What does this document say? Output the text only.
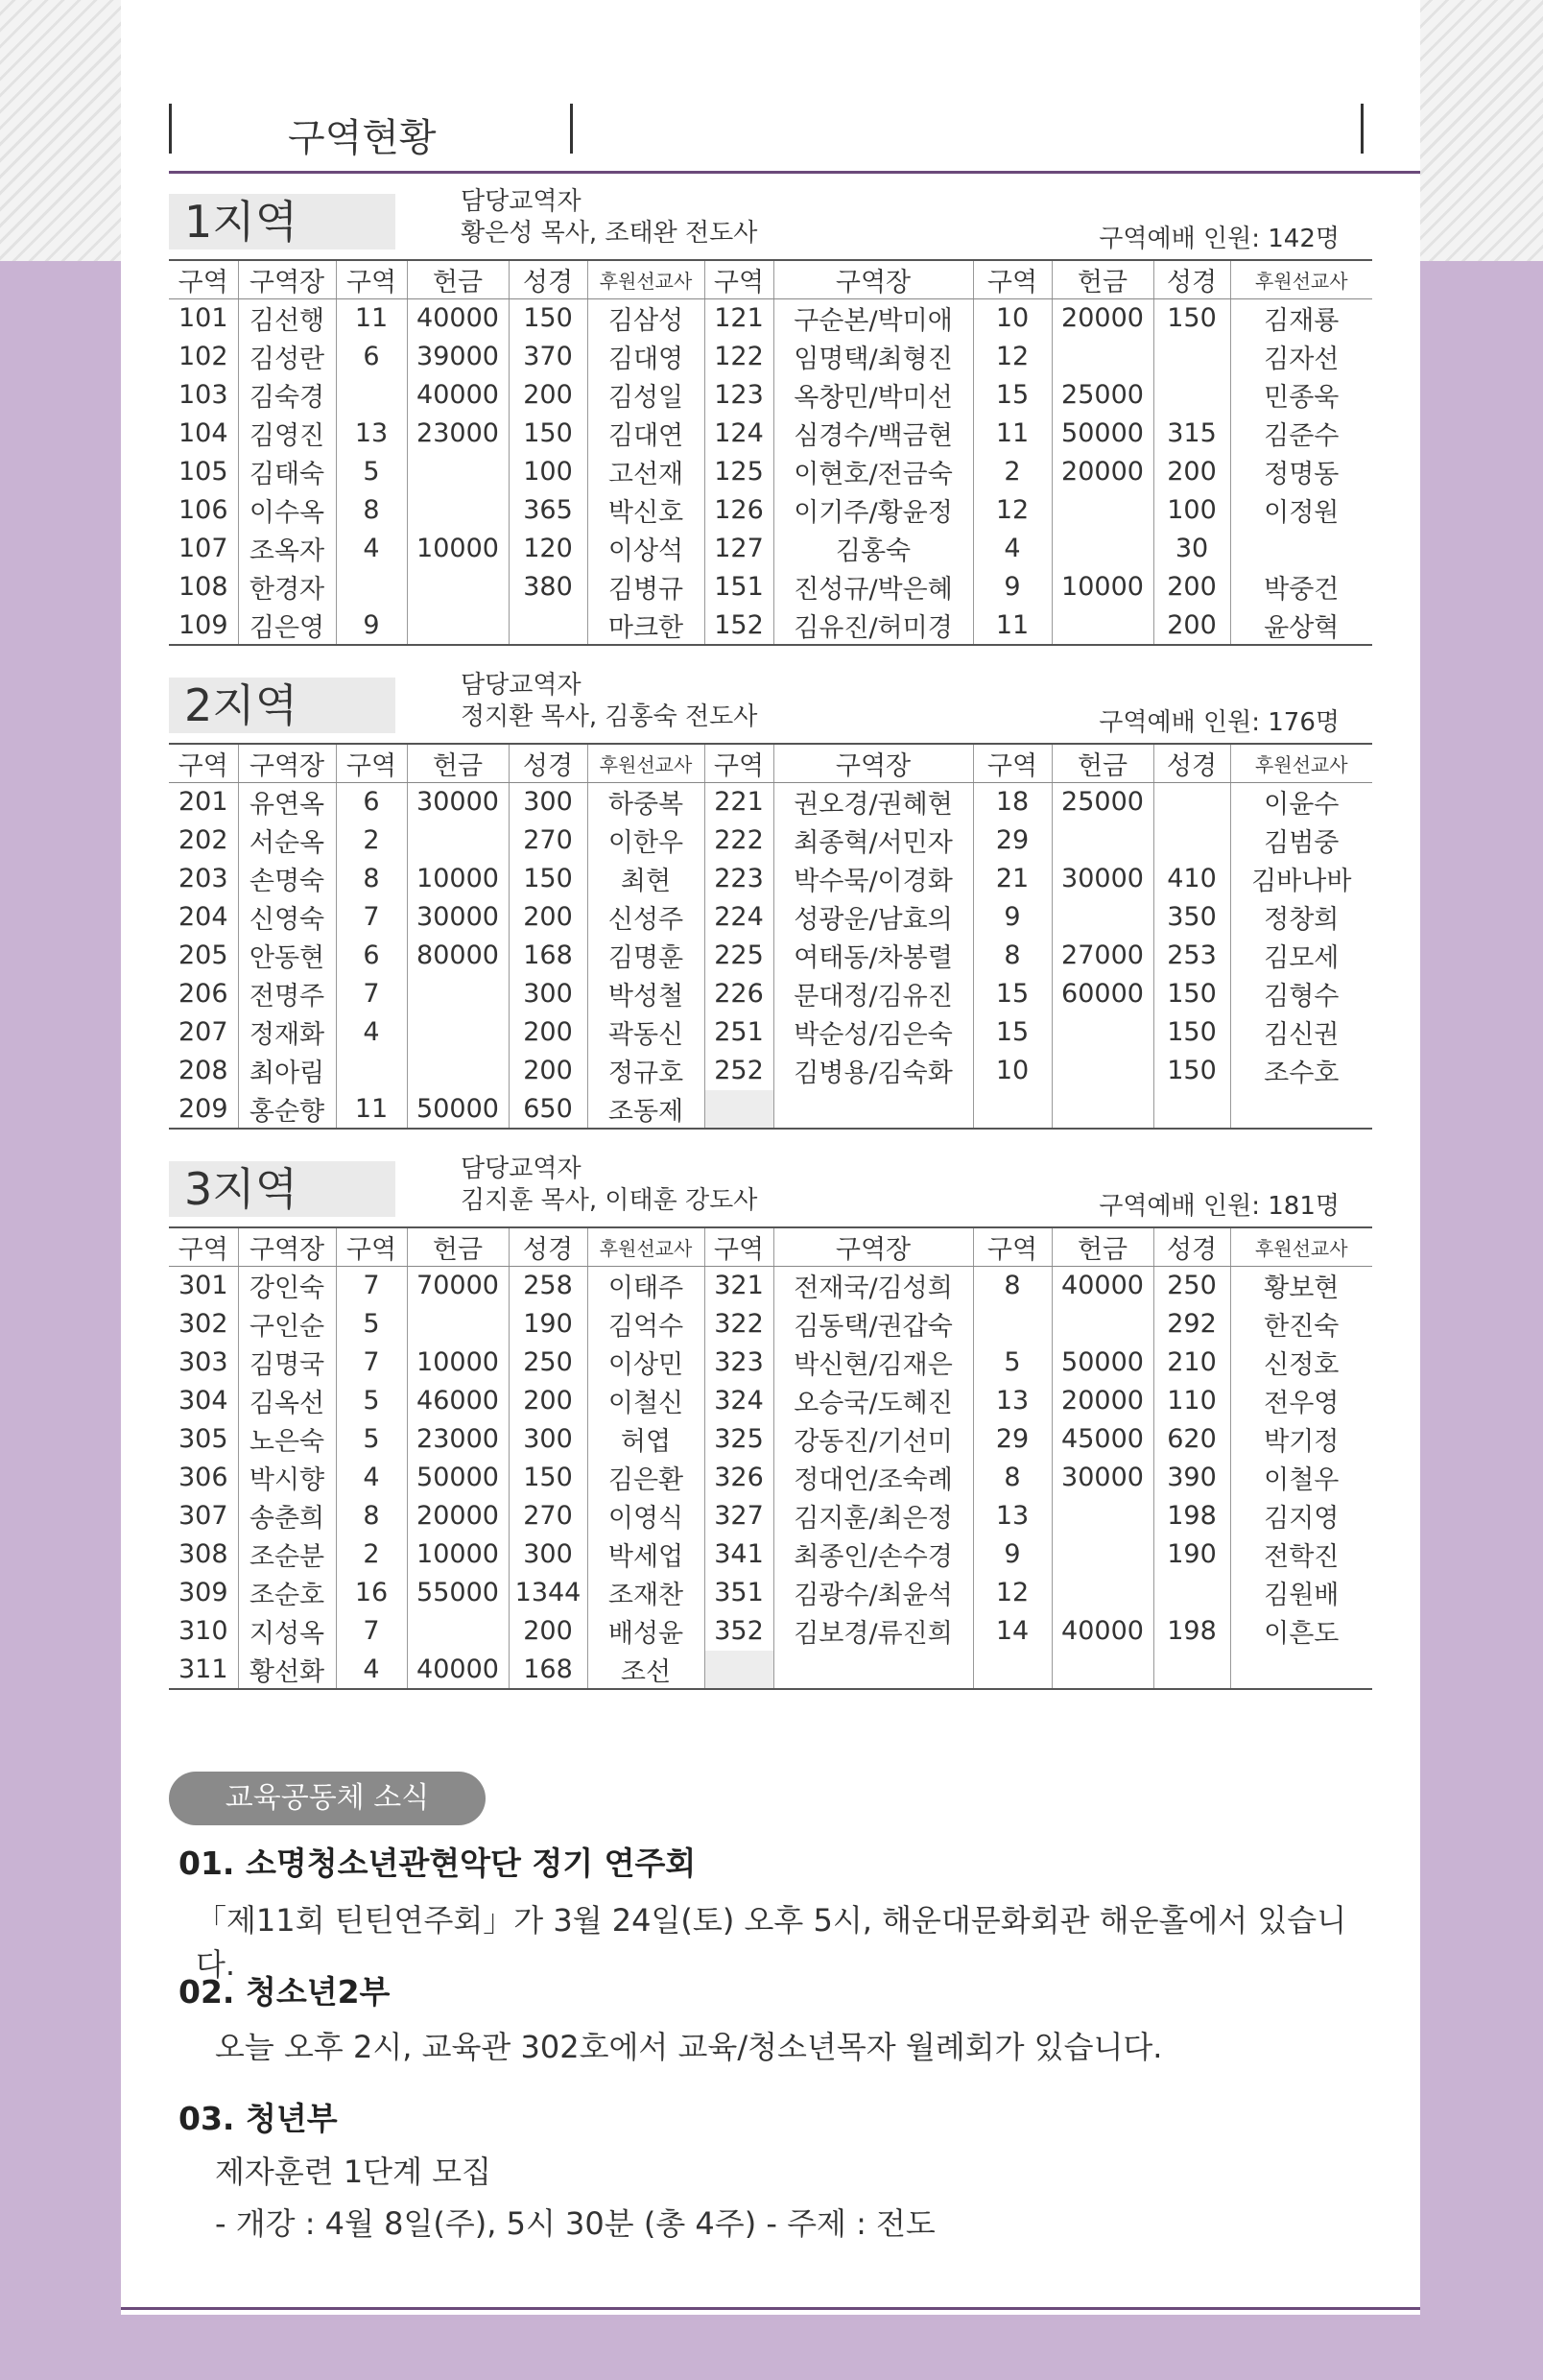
구역현황
1지역	담당교역자
황은성 목사, 조태완 전도사	구역예배 인원: 142명
구역	구역장	구역	헌금	성경	후원선교사	구역	구역장	구역	헌금	성경	후원선교사
101	김선행	11	40000	150	김삼성	121	구순본/박미애	10	20000	150	김재룡
102	김성란	6	39000	370	김대영	122	임명택/최형진	12			김자선
103	김숙경		40000	200	김성일	123	옥창민/박미선	15	25000		민종욱
104	김영진	13	23000	150	김대연	124	심경수/백금현	11	50000	315	김준수
105	김태숙	5		100	고선재	125	이현호/전금숙	2	20000	200	정명동
106	이수옥	8		365	박신호	126	이기주/황윤정	12		100	이정원
107	조옥자	4	10000	120	이상석	127	김홍숙	4		30	
108	한경자			380	김병규	151	진성규/박은혜	9	10000	200	박중건
109	김은영	9			마크한	152	김유진/허미경	11		200	윤상혁
2지역	담당교역자
정지환 목사, 김홍숙 전도사	구역예배 인원: 176명
구역	구역장	구역	헌금	성경	후원선교사	구역	구역장	구역	헌금	성경	후원선교사
201	유연옥	6	30000	300	하중복	221	권오경/권혜현	18	25000		이윤수
202	서순옥	2		270	이한우	222	최종혁/서민자	29			김범중
203	손명숙	8	10000	150	최현	223	박수묵/이경화	21	30000	410	김바나바
204	신영숙	7	30000	200	신성주	224	성광운/남효의	9		350	정창희
205	안동현	6	80000	168	김명훈	225	여태동/차봉렬	8	27000	253	김모세
206	전명주	7		300	박성철	226	문대정/김유진	15	60000	150	김형수
207	정재화	4		200	곽동신	251	박순성/김은숙	15		150	김신권
208	최아림			200	정규호	252	김병용/김숙화	10		150	조수호
209	홍순향	11	50000	650	조동제						
3지역	담당교역자
김지훈 목사, 이태훈 강도사	구역예배 인원: 181명
구역	구역장	구역	헌금	성경	후원선교사	구역	구역장	구역	헌금	성경	후원선교사
301	강인숙	7	70000	258	이태주	321	전재국/김성희	8	40000	250	황보현
302	구인순	5		190	김억수	322	김동택/권갑숙			292	한진숙
303	김명국	7	10000	250	이상민	323	박신현/김재은	5	50000	210	신정호
304	김옥선	5	46000	200	이철신	324	오승국/도혜진	13	20000	110	전우영
305	노은숙	5	23000	300	허엽	325	강동진/기선미	29	45000	620	박기정
306	박시향	4	50000	150	김은환	326	정대언/조숙례	8	30000	390	이철우
307	송춘희	8	20000	270	이영식	327	김지훈/최은정	13		198	김지영
308	조순분	2	10000	300	박세업	341	최종인/손수경	9		190	전학진
309	조순호	16	55000	1344	조재찬	351	김광수/최윤석	12			김원배
310	지성옥	7		200	배성윤	352	김보경/류진희	14	40000	198	이흔도
311	황선화	4	40000	168	조선						
교육공동체 소식
01. 소명청소년관현악단 정기 연주회
「제11회 틴틴연주회」가 3월 24일(토) 오후 5시, 해운대문화회관 해운홀에서 있습니다.
02. 청소년2부
오늘 오후 2시, 교육관 302호에서 교육/청소년목자 월례회가 있습니다.
03. 청년부
제자훈련 1단계 모집
- 개강 : 4월 8일(주), 5시 30분 (총 4주) - 주제 : 전도
